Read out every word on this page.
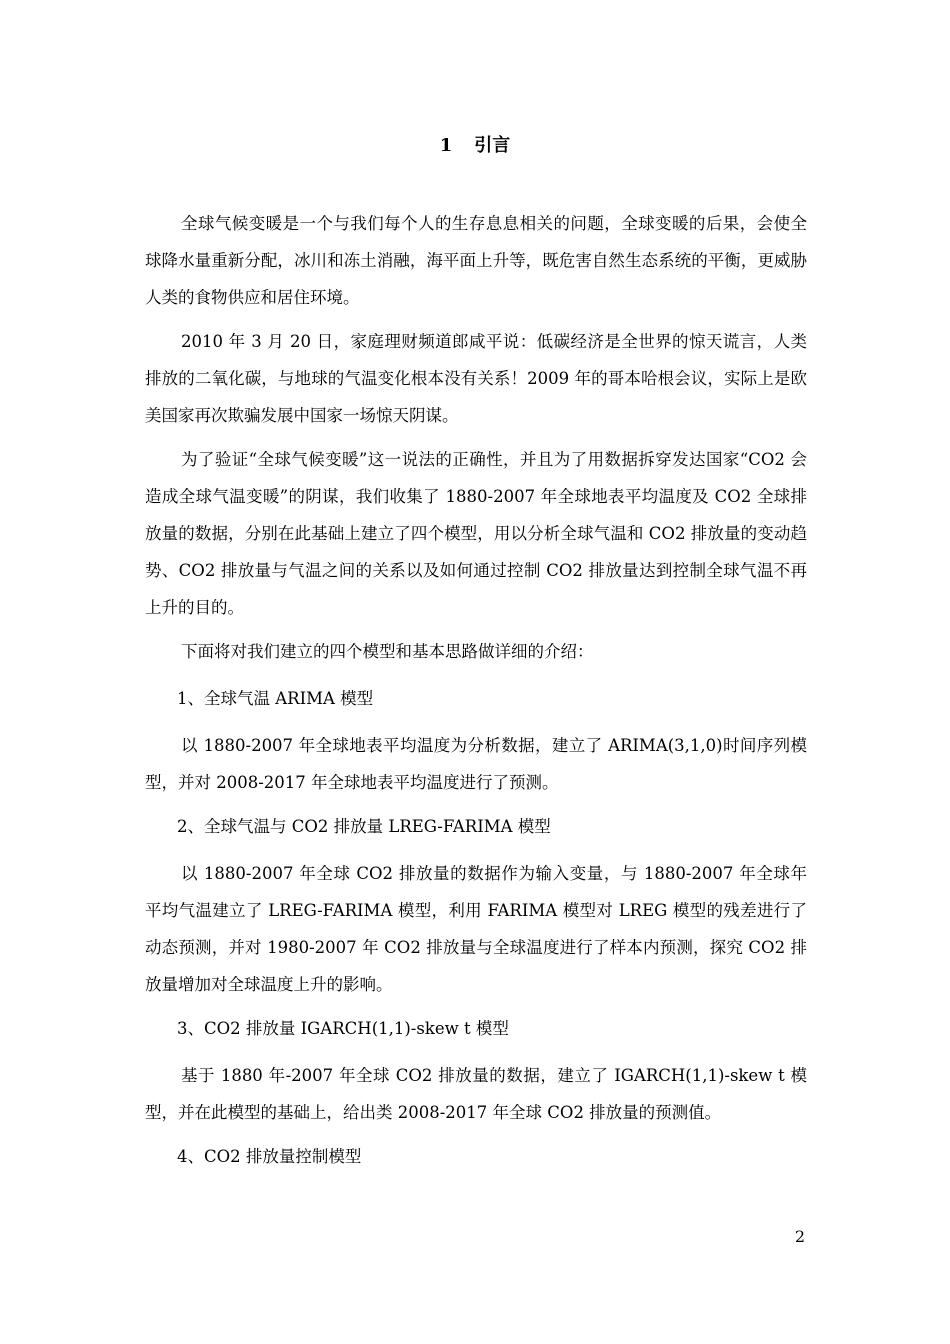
1 引言

全球气候变暖是一个与我们每个人的生存息息相关的问题，全球变暖的后果，会使全球降水量重新分配，冰川和冻土消融，海平面上升等，既危害自然生态系统的平衡，更威胁人类的食物供应和居住环境。

2010 年 3 月 20 日，家庭理财频道郎咸平说：低碳经济是全世界的惊天谎言，人类排放的二氧化碳，与地球的气温变化根本没有关系！2009 年的哥本哈根会议，实际上是欧美国家再次欺骗发展中国家一场惊天阴谋。

为了验证“全球气候变暖”这一说法的正确性，并且为了用数据拆穿发达国家“CO2 会造成全球气温变暖”的阴谋，我们收集了 1880-2007 年全球地表平均温度及 CO2 全球排放量的数据，分别在此基础上建立了四个模型，用以分析全球气温和 CO2 排放量的变动趋势、CO2 排放量与气温之间的关系以及如何通过控制 CO2 排放量达到控制全球气温不再上升的目的。

下面将对我们建立的四个模型和基本思路做详细的介绍：

1、全球气温 ARIMA 模型

以 1880-2007 年全球地表平均温度为分析数据，建立了 ARIMA(3,1,0)时间序列模型，并对 2008-2017 年全球地表平均温度进行了预测。

2、全球气温与 CO2 排放量 LREG-FARIMA 模型

以 1880-2007 年全球 CO2 排放量的数据作为输入变量，与 1880-2007 年全球年平均气温建立了 LREG-FARIMA 模型，利用 FARIMA 模型对 LREG 模型的残差进行了动态预测，并对 1980-2007 年 CO2 排放量与全球温度进行了样本内预测，探究 CO2 排放量增加对全球温度上升的影响。

3、CO2 排放量 IGARCH(1,1)-skew t 模型

基于 1880 年-2007 年全球 CO2 排放量的数据，建立了 IGARCH(1,1)-skew t 模型，并在此模型的基础上，给出类 2008-2017 年全球 CO2 排放量的预测值。

4、CO2 排放量控制模型

2
